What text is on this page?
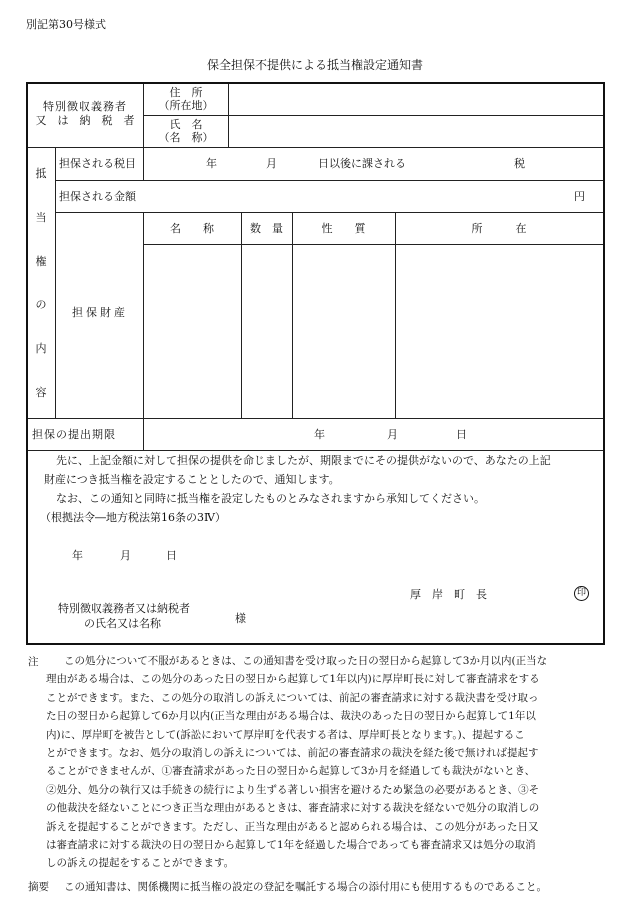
別記第30号様式
保全担保不提供による抵当権設定通知書
特別徴収義務者
又　は　納　税　者
住　所
（所在地）
氏　名
（名　称）
抵
当
権
の
内
容
担保される税目	年	月	日以後に課される	税
担保される金額	円
担保財産
名　　称	数　量	性　　質	所　　　在
担保の提出期限	年	月	日
先に、上記金額に対して担保の提供を命じましたが、期限までにその提供がないので、あなたの上記
財産につき抵当権を設定することとしたので、通知します。
なお、この通知と同時に抵当権を設定したものとみなされますから承知してください。
（根拠法令―地方税法第16条の3Ⅳ）
年	月	日
厚　岸　町　長	印
特別徴収義務者又は納税者
の氏名又は名称	様
注	この処分について不服があるときは、この通知書を受け取った日の翌日から起算して3か月以内(正当な
理由がある場合は、この処分のあった日の翌日から起算して1年以内)に厚岸町長に対して審査請求をする
ことができます。また、この処分の取消しの訴えについては、前記の審査請求に対する裁決書を受け取っ
た日の翌日から起算して6か月以内(正当な理由がある場合は、裁決のあった日の翌日から起算して1年以
内)に、厚岸町を被告として(訴訟において厚岸町を代表する者は、厚岸町長となります。)、提起するこ
とができます。なお、処分の取消しの訴えについては、前記の審査請求の裁決を経た後で無ければ提起す
ることができませんが、①審査請求があった日の翌日から起算して3か月を経過しても裁決がないとき、
②処分、処分の執行又は手続きの続行により生ずる著しい損害を避けるため緊急の必要があるとき、③そ
の他裁決を経ないことにつき正当な理由があるときは、審査請求に対する裁決を経ないで処分の取消しの
訴えを提起することができます。ただし、正当な理由があると認められる場合は、この処分があった日又
は審査請求に対する裁決の日の翌日から起算して1年を経過した場合であっても審査請求又は処分の取消
しの訴えの提起をすることができます。
摘要 この通知書は、関係機関に抵当権の設定の登記を嘱託する場合の添付用にも使用するものであること。
